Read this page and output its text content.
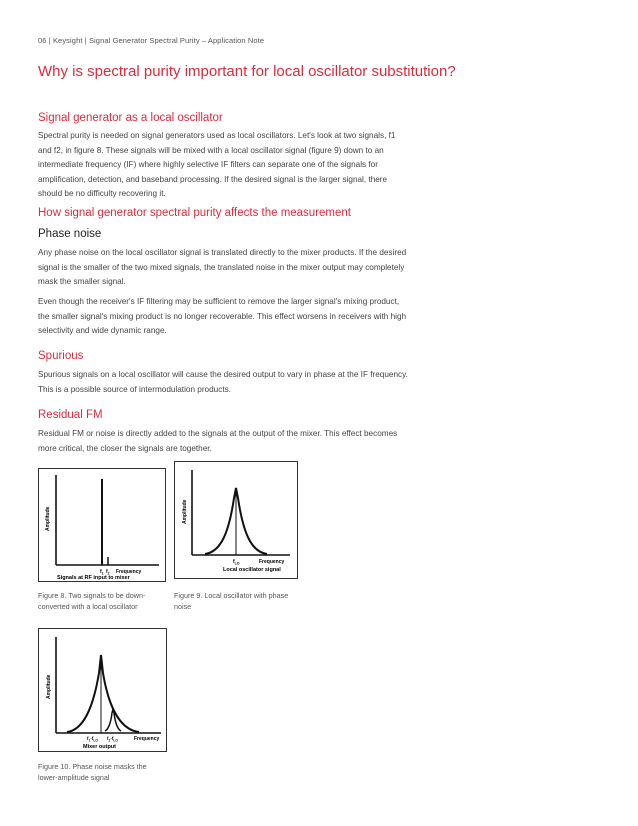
06 | Keysight | Signal Generator Spectral Purity – Application Note
Why is spectral purity important for local oscillator substitution?
Signal generator as a local oscillator
Spectral purity is needed on signal generators used as local oscillators. Let's look at two signals, f1 and f2, in figure 8. These signals will be mixed with a local oscillator signal (figure 9) down to an intermediate frequency (IF) where highly selective IF filters can separate one of the signals for amplification, detection, and baseband processing. If the desired signal is the larger signal, there should be no difficulty recovering it.
How signal generator spectral purity affects the measurement
Phase noise
Any phase noise on the local oscillator signal is translated directly to the mixer products. If the desired signal is the smaller of the two mixed signals, the translated noise in the mixer output may completely mask the smaller signal.
Even though the receiver's IF filtering may be sufficient to remove the larger signal's mixing product, the smaller signal's mixing product is no longer recoverable. This effect worsens in receivers with high selectivity and wide dynamic range.
Spurious
Spurious signals on a local oscillator will cause the desired output to vary in phase at the IF frequency. This is a possible source of intermodulation products.
Residual FM
Residual FM or noise is directly added to the signals at the output of the mixer. This effect becomes more critical, the closer the signals are together.
Amplitude
$f_1$ $f_2$ Frequency
Signals at RF input to mixer
Figure 8. Two signals to be down-converted with a local oscillator
Amplitude
$f_{LO}$	Frequency
Local oscillator signal
Figure 9. Local oscillator with phase noise
Amplitude
$f_1-f_{LO}$ $f_2-f_{LO}$	Frequency
Mixer output
Figure 10. Phase noise masks the lower-amplitude signal
